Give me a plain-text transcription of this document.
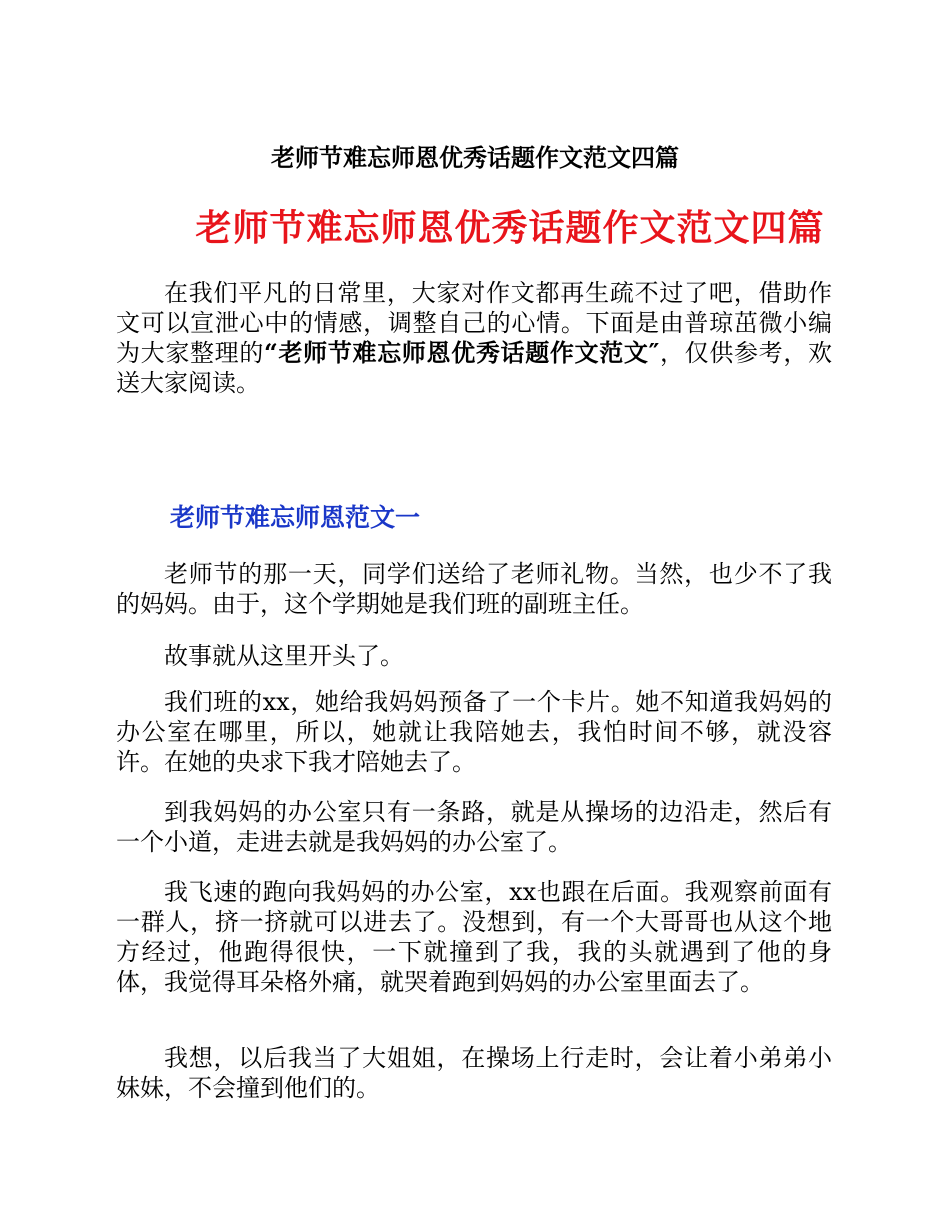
老师节难忘师恩优秀话题作文范文四篇
老师节难忘师恩优秀话题作文范文四篇

在我们平凡的日常里，大家对作文都再生疏不过了吧，借助作文可以宣泄心中的情感，调整自己的心情。下面是由普琼茁微小编为大家整理的“老师节难忘师恩优秀话题作文范文″，仅供参考，欢送大家阅读。

老师节难忘师恩范文一

老师节的那一天，同学们送给了老师礼物。当然，也少不了我的妈妈。由于，这个学期她是我们班的副班主任。

故事就从这里开头了。

我们班的xx，她给我妈妈预备了一个卡片。她不知道我妈妈的办公室在哪里，所以，她就让我陪她去，我怕时间不够，就没容许。在她的央求下我才陪她去了。

到我妈妈的办公室只有一条路，就是从操场的边沿走，然后有一个小道，走进去就是我妈妈的办公室了。

我飞速的跑向我妈妈的办公室，xx也跟在后面。我观察前面有一群人，挤一挤就可以进去了。没想到，有一个大哥哥也从这个地方经过，他跑得很快，一下就撞到了我，我的头就遇到了他的身体，我觉得耳朵格外痛，就哭着跑到妈妈的办公室里面去了。

我想，以后我当了大姐姐，在操场上行走时，会让着小弟弟小妹妹，不会撞到他们的。
